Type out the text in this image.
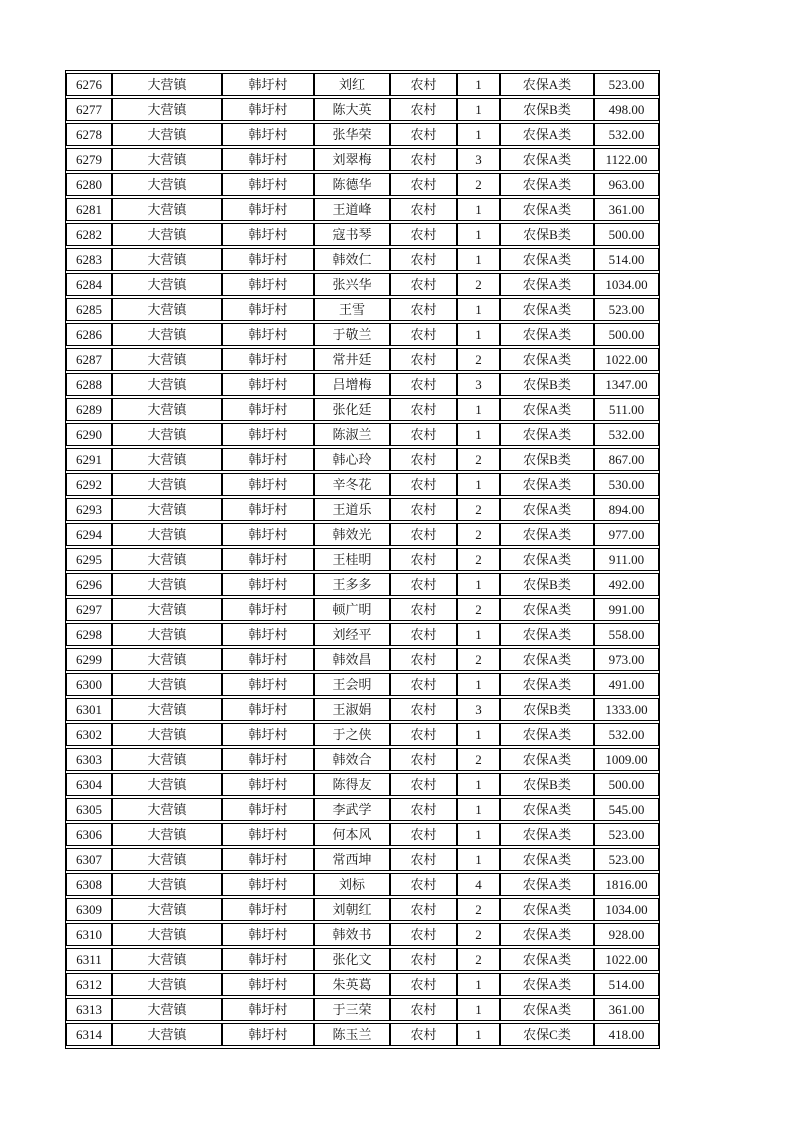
6276	大营镇	韩圩村	刘红	农村	1	农保A类	523.00
6277	大营镇	韩圩村	陈大英	农村	1	农保B类	498.00
6278	大营镇	韩圩村	张华荣	农村	1	农保A类	532.00
6279	大营镇	韩圩村	刘翠梅	农村	3	农保A类	1122.00
6280	大营镇	韩圩村	陈德华	农村	2	农保A类	963.00
6281	大营镇	韩圩村	王道峰	农村	1	农保A类	361.00
6282	大营镇	韩圩村	寇书琴	农村	1	农保B类	500.00
6283	大营镇	韩圩村	韩效仁	农村	1	农保A类	514.00
6284	大营镇	韩圩村	张兴华	农村	2	农保A类	1034.00
6285	大营镇	韩圩村	王雪	农村	1	农保A类	523.00
6286	大营镇	韩圩村	于敬兰	农村	1	农保A类	500.00
6287	大营镇	韩圩村	常井廷	农村	2	农保A类	1022.00
6288	大营镇	韩圩村	吕增梅	农村	3	农保B类	1347.00
6289	大营镇	韩圩村	张化廷	农村	1	农保A类	511.00
6290	大营镇	韩圩村	陈淑兰	农村	1	农保A类	532.00
6291	大营镇	韩圩村	韩心玲	农村	2	农保B类	867.00
6292	大营镇	韩圩村	辛冬花	农村	1	农保A类	530.00
6293	大营镇	韩圩村	王道乐	农村	2	农保A类	894.00
6294	大营镇	韩圩村	韩效光	农村	2	农保A类	977.00
6295	大营镇	韩圩村	王桂明	农村	2	农保A类	911.00
6296	大营镇	韩圩村	王多多	农村	1	农保B类	492.00
6297	大营镇	韩圩村	顿广明	农村	2	农保A类	991.00
6298	大营镇	韩圩村	刘经平	农村	1	农保A类	558.00
6299	大营镇	韩圩村	韩效昌	农村	2	农保A类	973.00
6300	大营镇	韩圩村	王会明	农村	1	农保A类	491.00
6301	大营镇	韩圩村	王淑娟	农村	3	农保B类	1333.00
6302	大营镇	韩圩村	于之侠	农村	1	农保A类	532.00
6303	大营镇	韩圩村	韩效合	农村	2	农保A类	1009.00
6304	大营镇	韩圩村	陈得友	农村	1	农保B类	500.00
6305	大营镇	韩圩村	李武学	农村	1	农保A类	545.00
6306	大营镇	韩圩村	何本风	农村	1	农保A类	523.00
6307	大营镇	韩圩村	常西坤	农村	1	农保A类	523.00
6308	大营镇	韩圩村	刘标	农村	4	农保A类	1816.00
6309	大营镇	韩圩村	刘朝红	农村	2	农保A类	1034.00
6310	大营镇	韩圩村	韩效书	农村	2	农保A类	928.00
6311	大营镇	韩圩村	张化文	农村	2	农保A类	1022.00
6312	大营镇	韩圩村	朱英葛	农村	1	农保A类	514.00
6313	大营镇	韩圩村	于三荣	农村	1	农保A类	361.00
6314	大营镇	韩圩村	陈玉兰	农村	1	农保C类	418.00
